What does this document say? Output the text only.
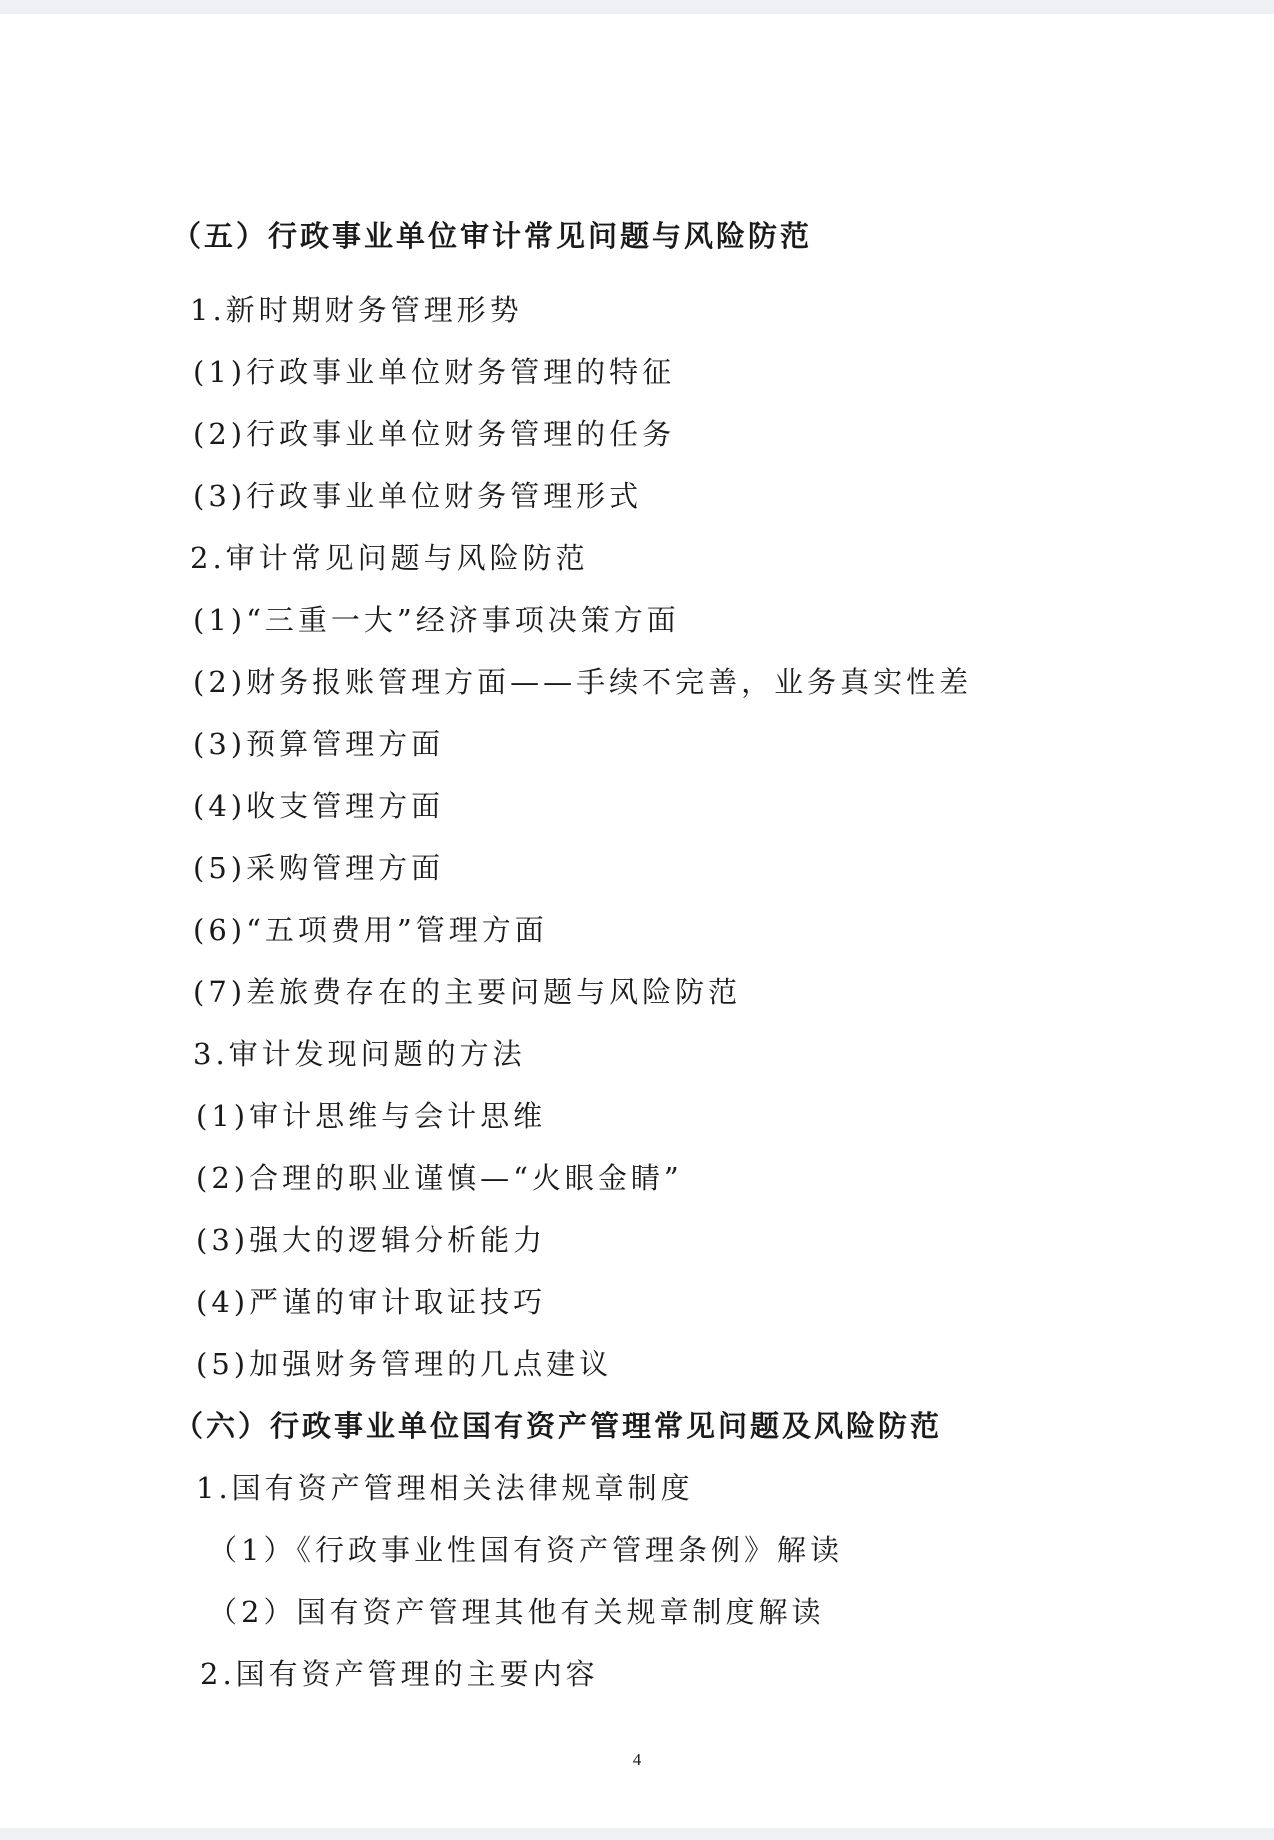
（五）行政事业单位审计常见问题与风险防范

1.新时期财务管理形势

(1)行政事业单位财务管理的特征

(2)行政事业单位财务管理的任务

(3)行政事业单位财务管理形式

2.审计常见问题与风险防范

(1)“三重一大”经济事项决策方面

(2)财务报账管理方面——手续不完善，业务真实性差

(3)预算管理方面

(4)收支管理方面

(5)采购管理方面

(6)“五项费用”管理方面

(7)差旅费存在的主要问题与风险防范

3.审计发现问题的方法

(1)审计思维与会计思维

(2)合理的职业谨慎—“火眼金睛”

(3)强大的逻辑分析能力

(4)严谨的审计取证技巧

(5)加强财务管理的几点建议

（六）行政事业单位国有资产管理常见问题及风险防范

1.国有资产管理相关法律规章制度

（1）《行政事业性国有资产管理条例》解读

（2）国有资产管理其他有关规章制度解读

2.国有资产管理的主要内容

4
